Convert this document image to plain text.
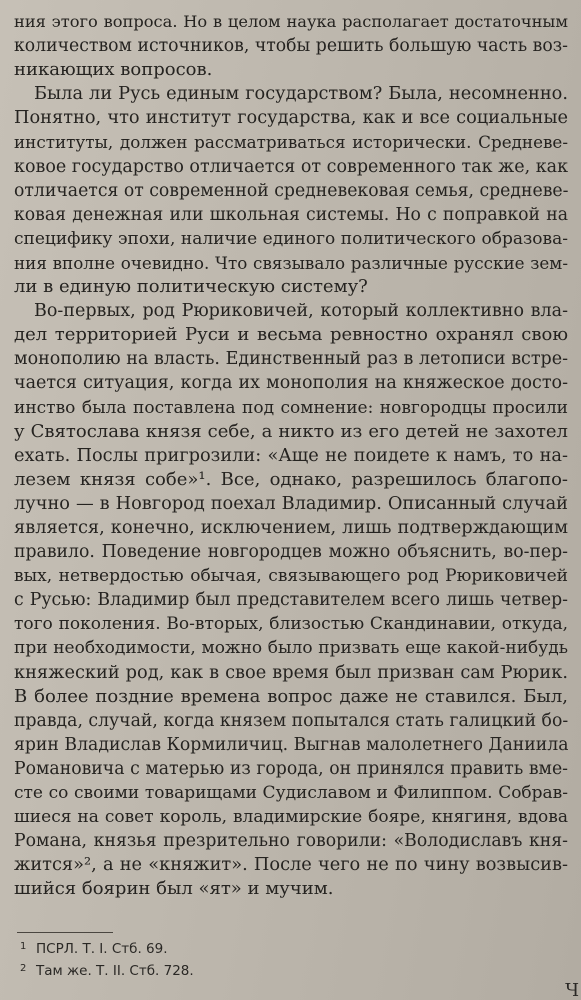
ния этого вопроса. Но в целом наука располагает достаточным
количеством источников, чтобы решить большую часть воз-
никающих вопросов.
Была ли Русь единым государством? Была, несомненно.
Понятно, что институт государства, как и все социальные
институты, должен рассматриваться исторически. Средневе-
ковое государство отличается от современного так же, как
отличается от современной средневековая семья, средневе-
ковая денежная или школьная системы. Но с поправкой на
специфику эпохи, наличие единого политического образова-
ния вполне очевидно. Что связывало различные русские зем-
ли в единую политическую систему?
Во-первых, род Рюриковичей, который коллективно вла-
дел территорией Руси и весьма ревностно охранял свою
монополию на власть. Единственный раз в летописи встре-
чается ситуация, когда их монополия на княжеское досто-
инство была поставлена под сомнение: новгородцы просили
у Святослава князя себе, а никто из его детей не захотел
ехать. Послы пригрозили: «Аще не поидете к намъ, то на-
лезем князя собе»¹. Все, однако, разрешилось благопо-
лучно — в Новгород поехал Владимир. Описанный случай
является, конечно, исключением, лишь подтверждающим
правило. Поведение новгородцев можно объяснить, во-пер-
вых, нетвердостью обычая, связывающего род Рюриковичей
с Русью: Владимир был представителем всего лишь четвер-
того поколения. Во-вторых, близостью Скандинавии, откуда,
при необходимости, можно было призвать еще какой-нибудь
княжеский род, как в свое время был призван сам Рюрик.
В более поздние времена вопрос даже не ставился. Был,
правда, случай, когда князем попытался стать галицкий бо-
ярин Владислав Кормиличиц. Выгнав малолетнего Даниила
Романовича с матерью из города, он принялся править вме-
сте со своими товарищами Судиславом и Филиппом. Собрав-
шиеся на совет король, владимирские бояре, княгиня, вдова
Романа, князья презрительно говорили: «Володиславъ кня-
жится»², а не «княжит». После чего не по чину возвысив-
шийся боярин был «ят» и мучим.
1 ПСРЛ. Т. I. Стб. 69.
2 Там же. Т. II. Стб. 728.
Ч
